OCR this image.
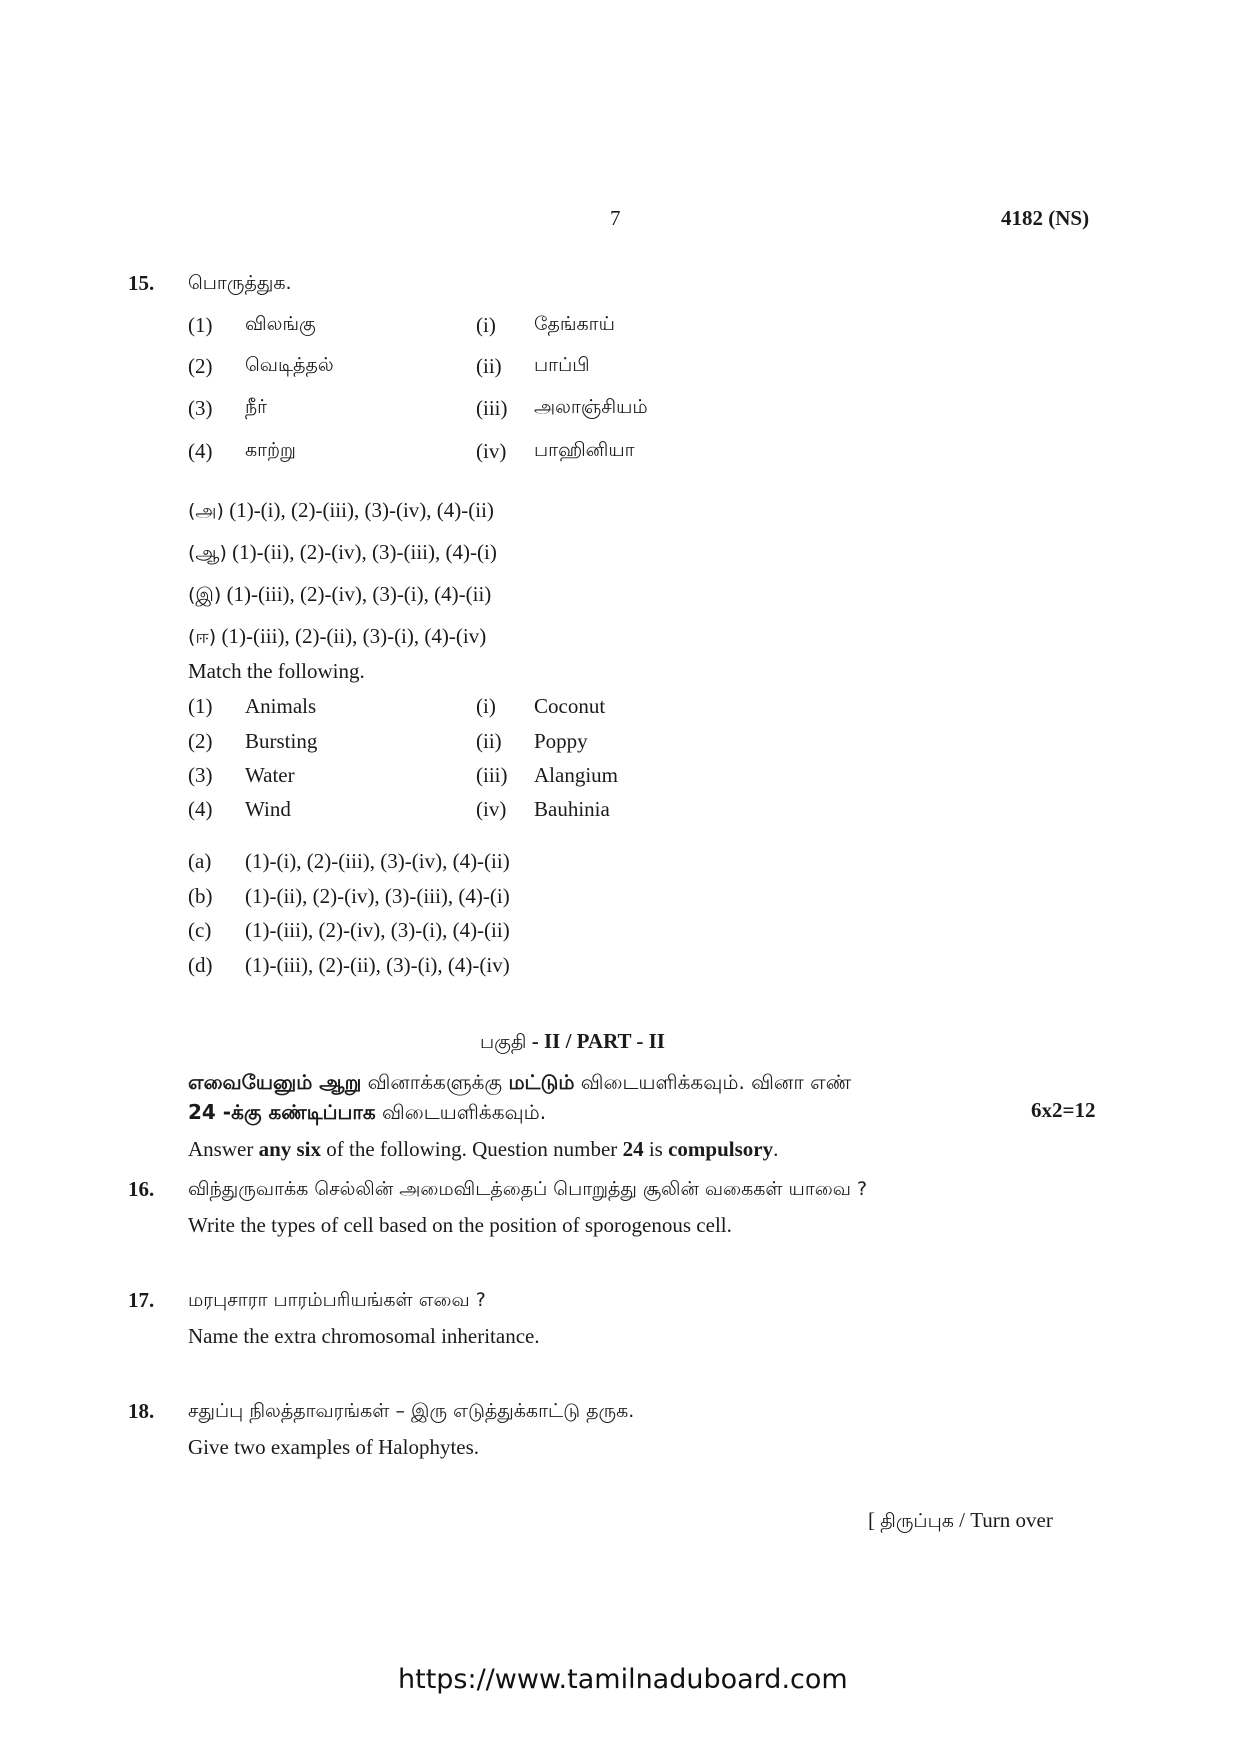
7	4182 (NS)
15. பொருத்துக.
(1) விலங்கு	(i) தேங்காய்
(2) வெடித்தல்	(ii) பாப்பி
(3) நீர்	(iii) அலாஞ்சியம்
(4) காற்று	(iv) பாஹினியா
(அ) (1)-(i), (2)-(iii), (3)-(iv), (4)-(ii)
(ஆ) (1)-(ii), (2)-(iv), (3)-(iii), (4)-(i)
(இ) (1)-(iii), (2)-(iv), (3)-(i), (4)-(ii)
(ஈ) (1)-(iii), (2)-(ii), (3)-(i), (4)-(iv)
Match the following.
(1) Animals	(i) Coconut
(2) Bursting	(ii) Poppy
(3) Water	(iii) Alangium
(4) Wind	(iv) Bauhinia
(a) (1)-(i), (2)-(iii), (3)-(iv), (4)-(ii)
(b) (1)-(ii), (2)-(iv), (3)-(iii), (4)-(i)
(c) (1)-(iii), (2)-(iv), (3)-(i), (4)-(ii)
(d) (1)-(iii), (2)-(ii), (3)-(i), (4)-(iv)
பகுதி - II / PART - II
எவையேனும் ஆறு வினாக்களுக்கு மட்டும் விடையளிக்கவும். வினா எண்
24 -க்கு கண்டிப்பாக விடையளிக்கவும்.	6x2=12
Answer any six of the following. Question number 24 is compulsory.
16. விந்துருவாக்க செல்லின் அமைவிடத்தைப் பொறுத்து சூலின் வகைகள் யாவை ?
Write the types of cell based on the position of sporogenous cell.
17. மரபுசாரா பாரம்பரியங்கள் எவை ?
Name the extra chromosomal inheritance.
18. சதுப்பு நிலத்தாவரங்கள் – இரு எடுத்துக்காட்டு தருக.
Give two examples of Halophytes.
[ திருப்புக / Turn over
https://www.tamilnaduboard.com
